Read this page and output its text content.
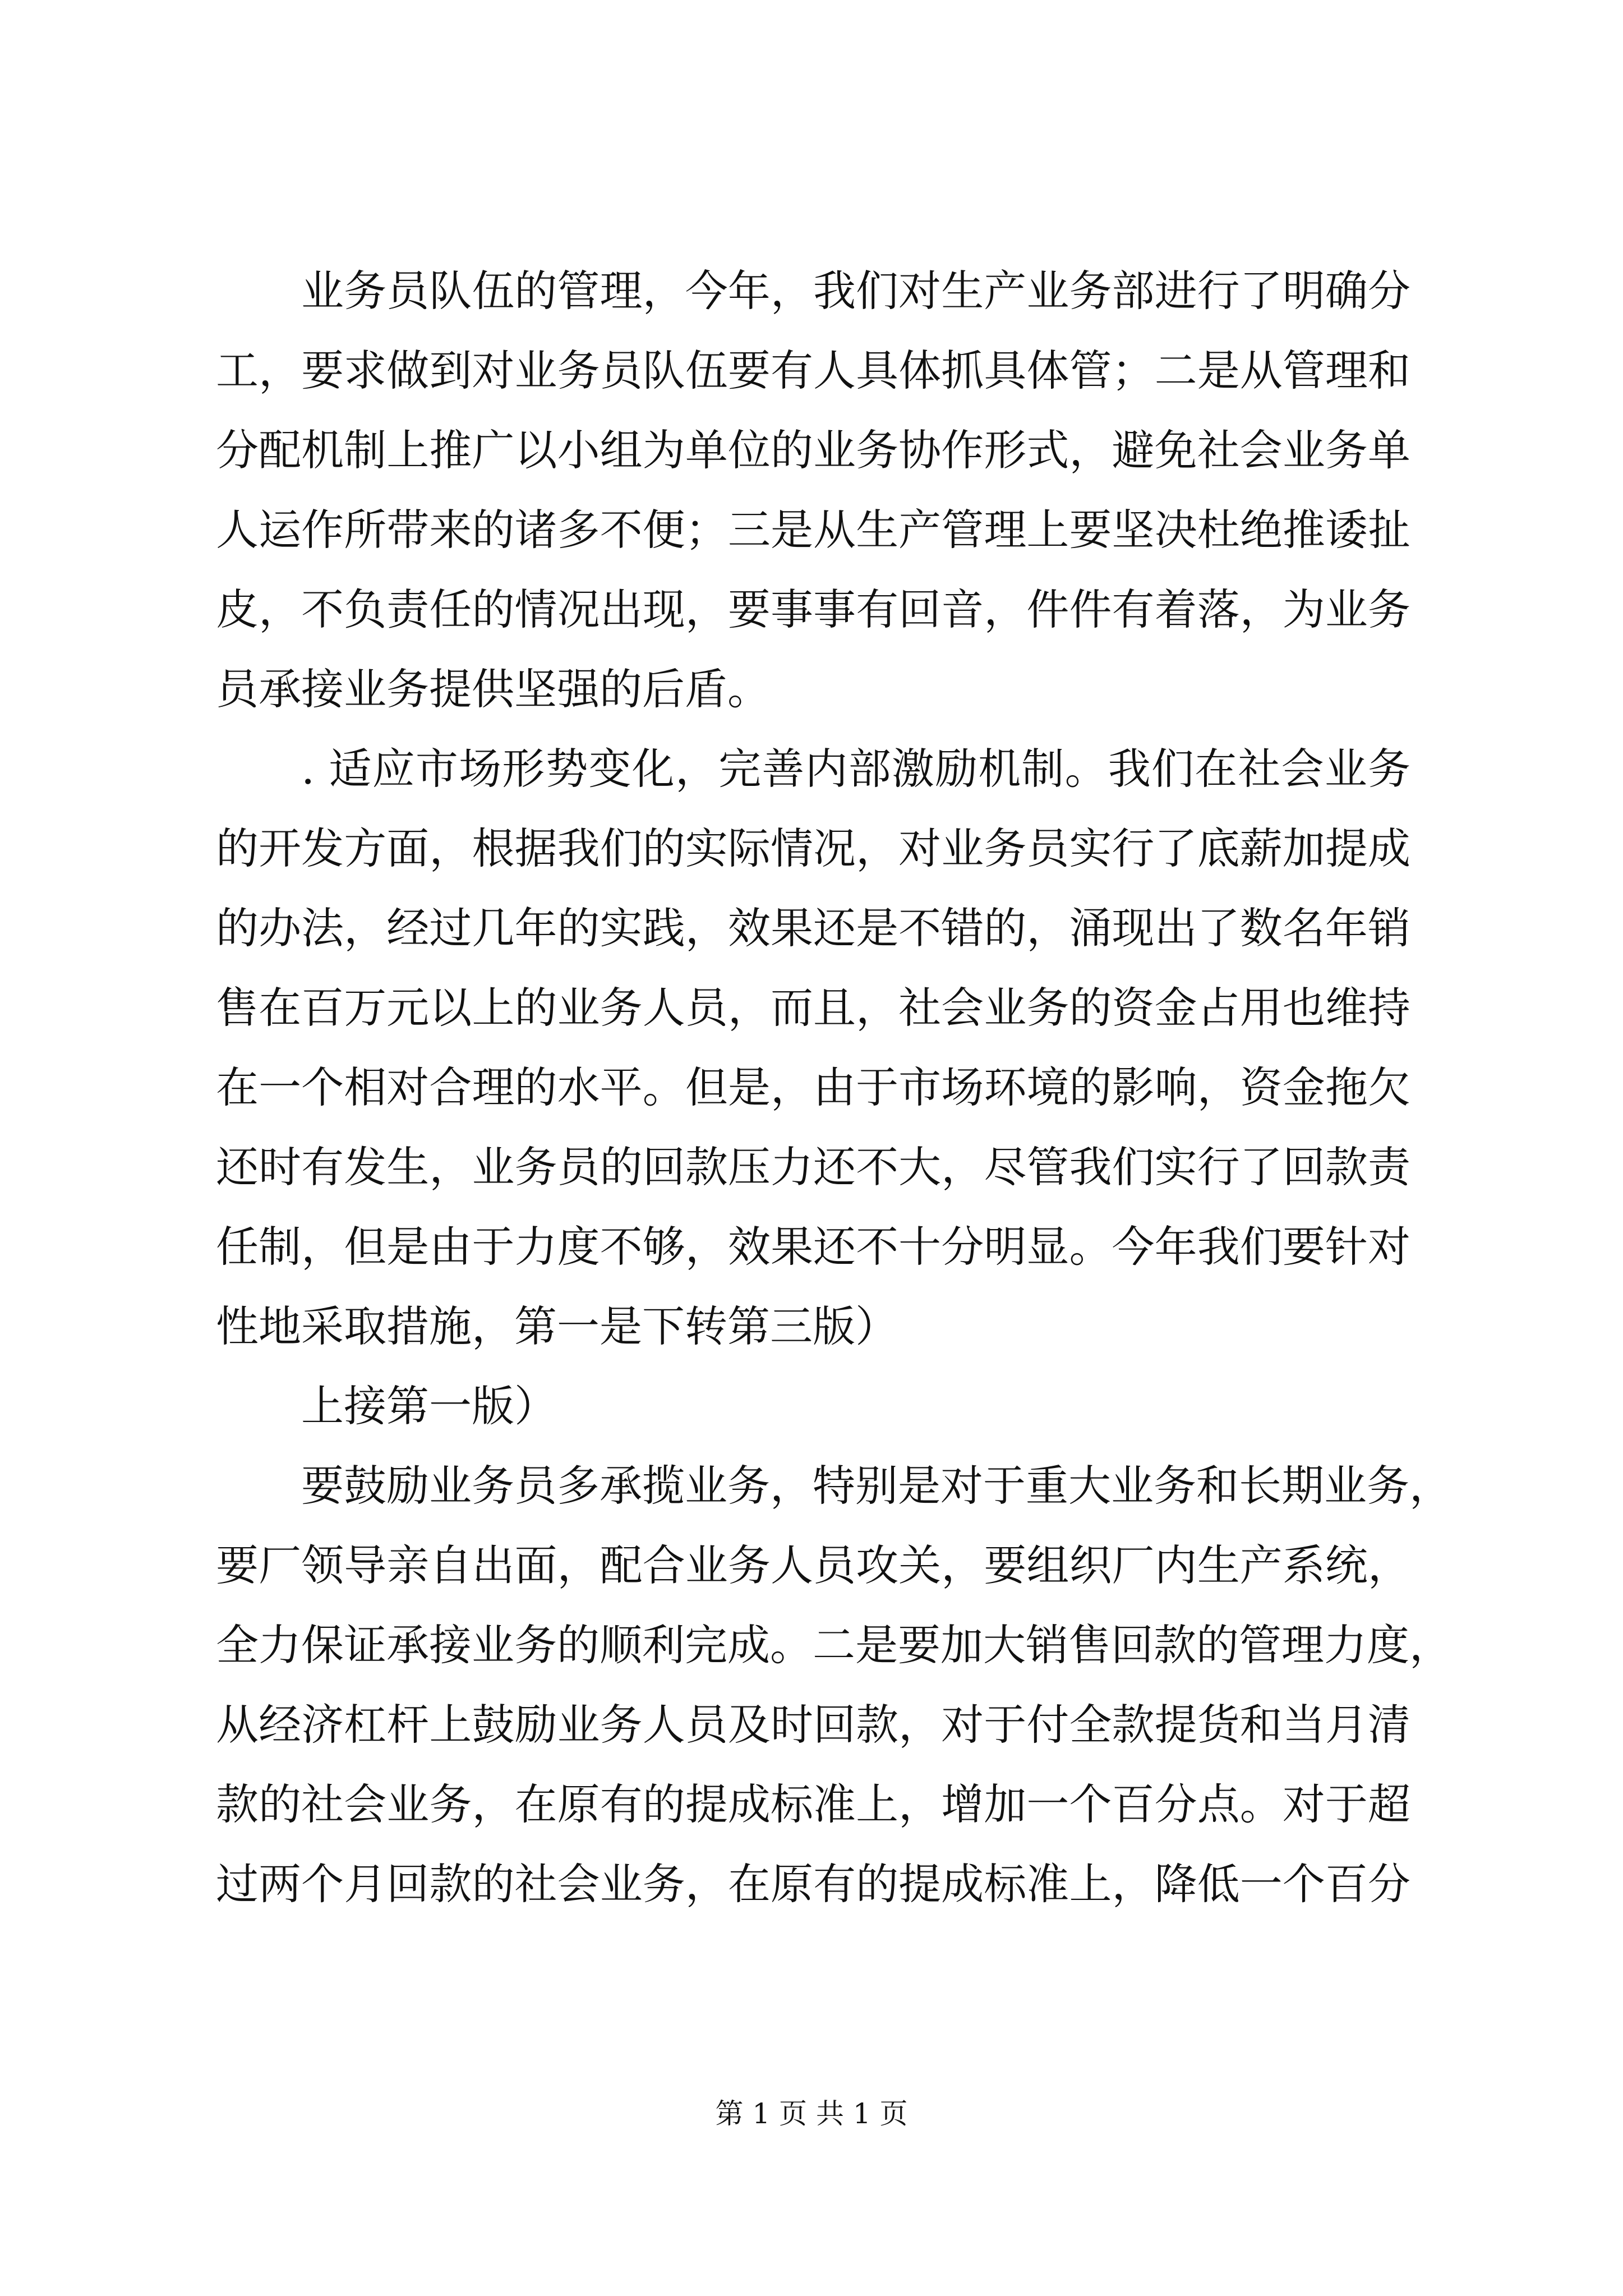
业务员队伍的管理，今年，我们对生产业务部进行了明确分
工，要求做到对业务员队伍要有人具体抓具体管；二是从管理和
分配机制上推广以小组为单位的业务协作形式，避免社会业务单
人运作所带来的诸多不便；三是从生产管理上要坚决杜绝推诿扯
皮，不负责任的情况出现，要事事有回音，件件有着落，为业务
员承接业务提供坚强的后盾。
. 适应市场形势变化，完善内部激励机制。我们在社会业务
的开发方面，根据我们的实际情况，对业务员实行了底薪加提成
的办法，经过几年的实践，效果还是不错的，涌现出了数名年销
售在百万元以上的业务人员，而且，社会业务的资金占用也维持
在一个相对合理的水平。但是，由于市场环境的影响，资金拖欠
还时有发生，业务员的回款压力还不大，尽管我们实行了回款责
任制，但是由于力度不够，效果还不十分明显。今年我们要针对
性地采取措施，第一是下转第三版）
上接第一版）
要鼓励业务员多承揽业务，特别是对于重大业务和长期业务，
要厂领导亲自出面，配合业务人员攻关，要组织厂内生产系统，
全力保证承接业务的顺利完成。二是要加大销售回款的管理力度，
从经济杠杆上鼓励业务人员及时回款，对于付全款提货和当月清
款的社会业务，在原有的提成标准上，增加一个百分点。对于超
过两个月回款的社会业务，在原有的提成标准上，降低一个百分
第 1 页 共 1 页
